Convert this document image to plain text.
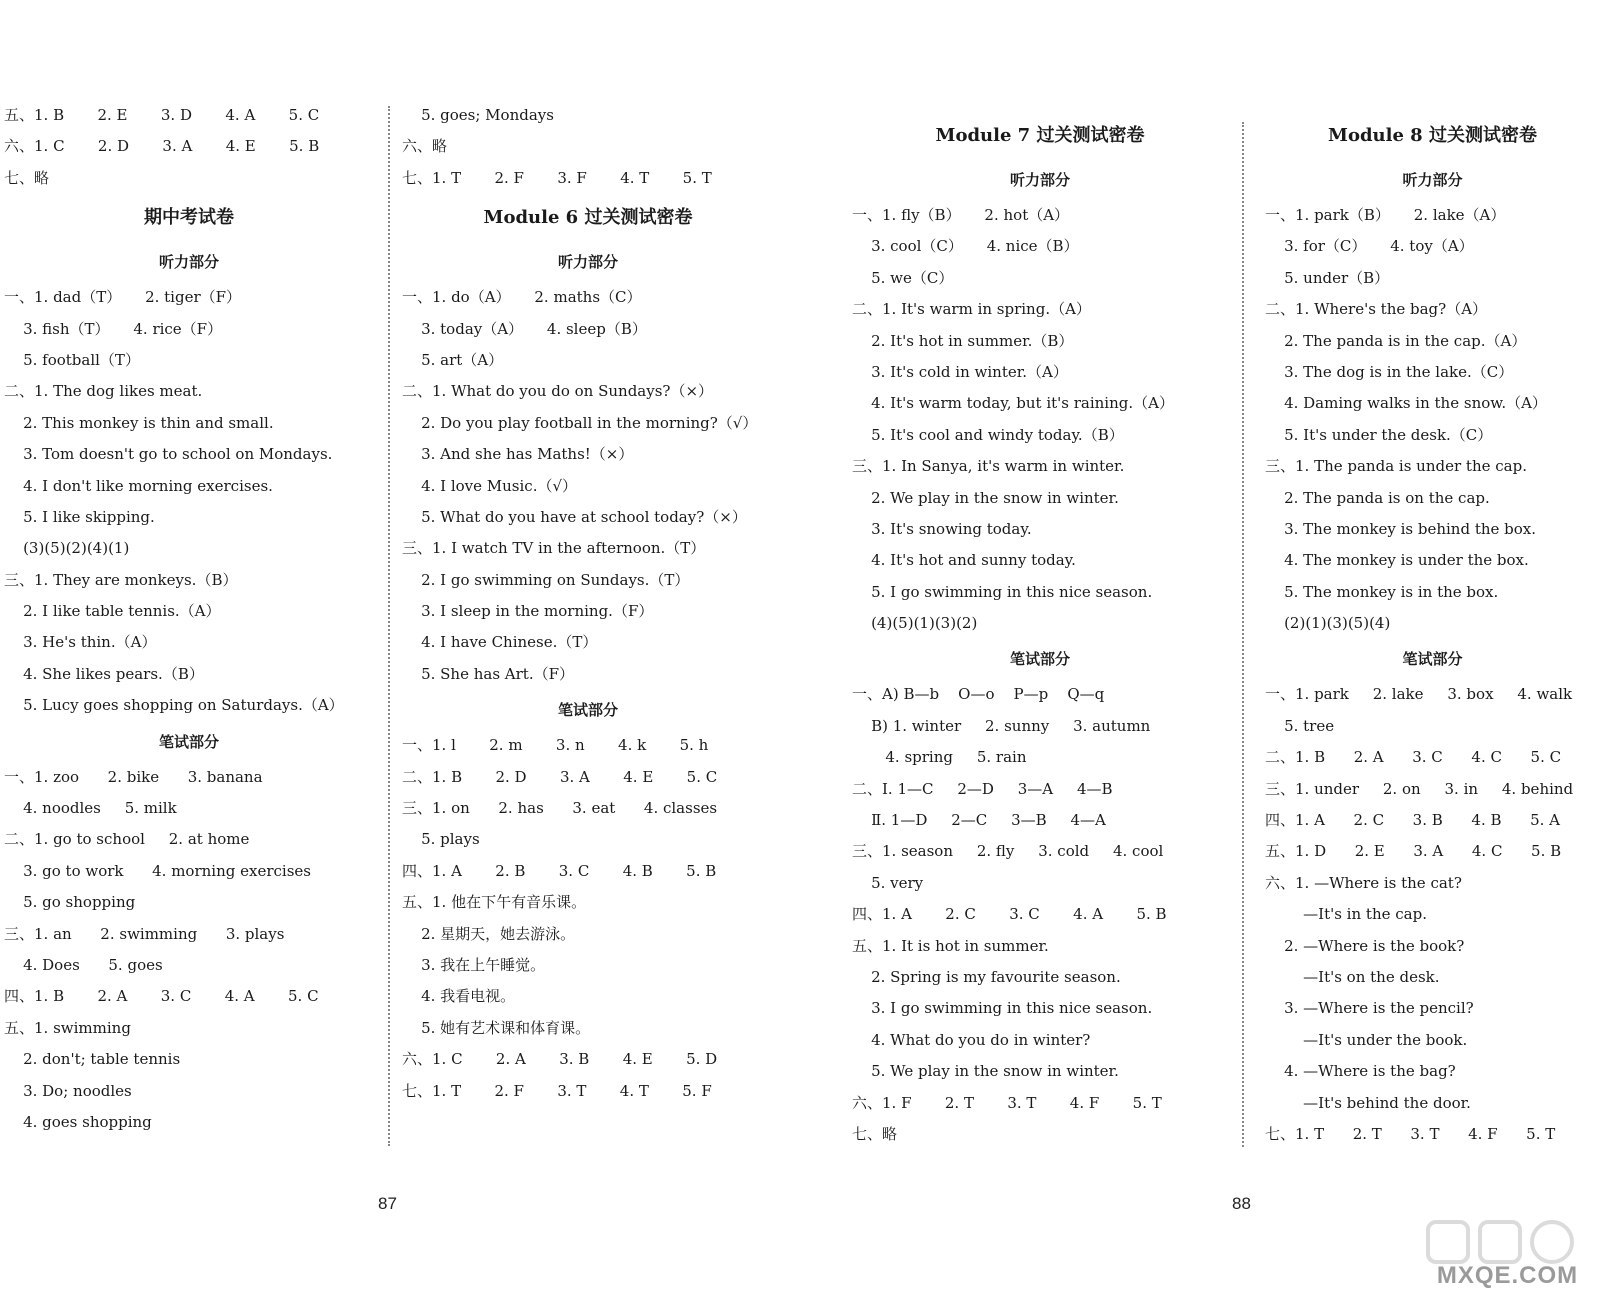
五、1. B       2. E       3. D       4. A       5. C
六、1. C       2. D       3. A       4. E       5. B
七、略
期中考试卷
听力部分
一、1. dad（T）     2. tiger（F）
3. fish（T）     4. rice（F）
5. football（T）
二、1. The dog likes meat.
2. This monkey is thin and small.
3. Tom doesn't go to school on Mondays.
4. I don't like morning exercises.
5. I like skipping.
(3)(5)(2)(4)(1)
三、1. They are monkeys.（B）
2. I like table tennis.（A）
3. He's thin.（A）
4. She likes pears.（B）
5. Lucy goes shopping on Saturdays.（A）
笔试部分
一、1. zoo      2. bike      3. banana
4. noodles     5. milk
二、1. go to school     2. at home
3. go to work      4. morning exercises
5. go shopping
三、1. an      2. swimming      3. plays
4. Does      5. goes
四、1. B       2. A       3. C       4. A       5. C
五、1. swimming
2. don't; table tennis
3. Do; noodles
4. goes shopping
5. goes; Mondays
六、略
七、1. T       2. F       3. F       4. T       5. T
Module 6 过关测试密卷
听力部分
一、1. do（A）     2. maths（C）
3. today（A）     4. sleep（B）
5. art（A）
二、1. What do you do on Sundays?（×）
2. Do you play football in the morning?（√）
3. And she has Maths!（×）
4. I love Music.（√）
5. What do you have at school today?（×）
三、1. I watch TV in the afternoon.（T）
2. I go swimming on Sundays.（T）
3. I sleep in the morning.（F）
4. I have Chinese.（T）
5. She has Art.（F）
笔试部分
一、1. l       2. m       3. n       4. k       5. h
二、1. B       2. D       3. A       4. E       5. C
三、1. on      2. has      3. eat      4. classes
5. plays
四、1. A       2. B       3. C       4. B       5. B
五、1. 他在下午有音乐课。
2. 星期天，她去游泳。
3. 我在上午睡觉。
4. 我看电视。
5. 她有艺术课和体育课。
六、1. C       2. A       3. B       4. E       5. D
七、1. T       2. F       3. T       4. T       5. F
Module 7 过关测试密卷
听力部分
一、1. fly（B）     2. hot（A）
3. cool（C）     4. nice（B）
5. we（C）
二、1. It's warm in spring.（A）
2. It's hot in summer.（B）
3. It's cold in winter.（A）
4. It's warm today, but it's raining.（A）
5. It's cool and windy today.（B）
三、1. In Sanya, it's warm in winter.
2. We play in the snow in winter.
3. It's snowing today.
4. It's hot and sunny today.
5. I go swimming in this nice season.
(4)(5)(1)(3)(2)
笔试部分
一、A) B—b    O—o    P—p    Q—q
B) 1. winter     2. sunny     3. autumn
4. spring     5. rain
二、Ⅰ. 1—C     2—D     3—A     4—B
Ⅱ. 1—D     2—C     3—B     4—A
三、1. season     2. fly     3. cold     4. cool
5. very
四、1. A       2. C       3. C       4. A       5. B
五、1. It is hot in summer.
2. Spring is my favourite season.
3. I go swimming in this nice season.
4. What do you do in winter?
5. We play in the snow in winter.
六、1. F       2. T       3. T       4. F       5. T
七、略
Module 8 过关测试密卷
听力部分
一、1. park（B）     2. lake（A）
3. for（C）     4. toy（A）
5. under（B）
二、1. Where's the bag?（A）
2. The panda is in the cap.（A）
3. The dog is in the lake.（C）
4. Daming walks in the snow.（A）
5. It's under the desk.（C）
三、1. The panda is under the cap.
2. The panda is on the cap.
3. The monkey is behind the box.
4. The monkey is under the box.
5. The monkey is in the box.
(2)(1)(3)(5)(4)
笔试部分
一、1. park     2. lake     3. box     4. walk
5. tree
二、1. B      2. A      3. C      4. C      5. C
三、1. under     2. on     3. in     4. behind
四、1. A      2. C      3. B      4. B      5. A
五、1. D      2. E      3. A      4. C      5. B
六、1. —Where is the cat?
—It's in the cap.
2. —Where is the book?
—It's on the desk.
3. —Where is the pencil?
—It's under the book.
4. —Where is the bag?
—It's behind the door.
七、1. T      2. T      3. T      4. F      5. T
87	88
MXQE.COM
